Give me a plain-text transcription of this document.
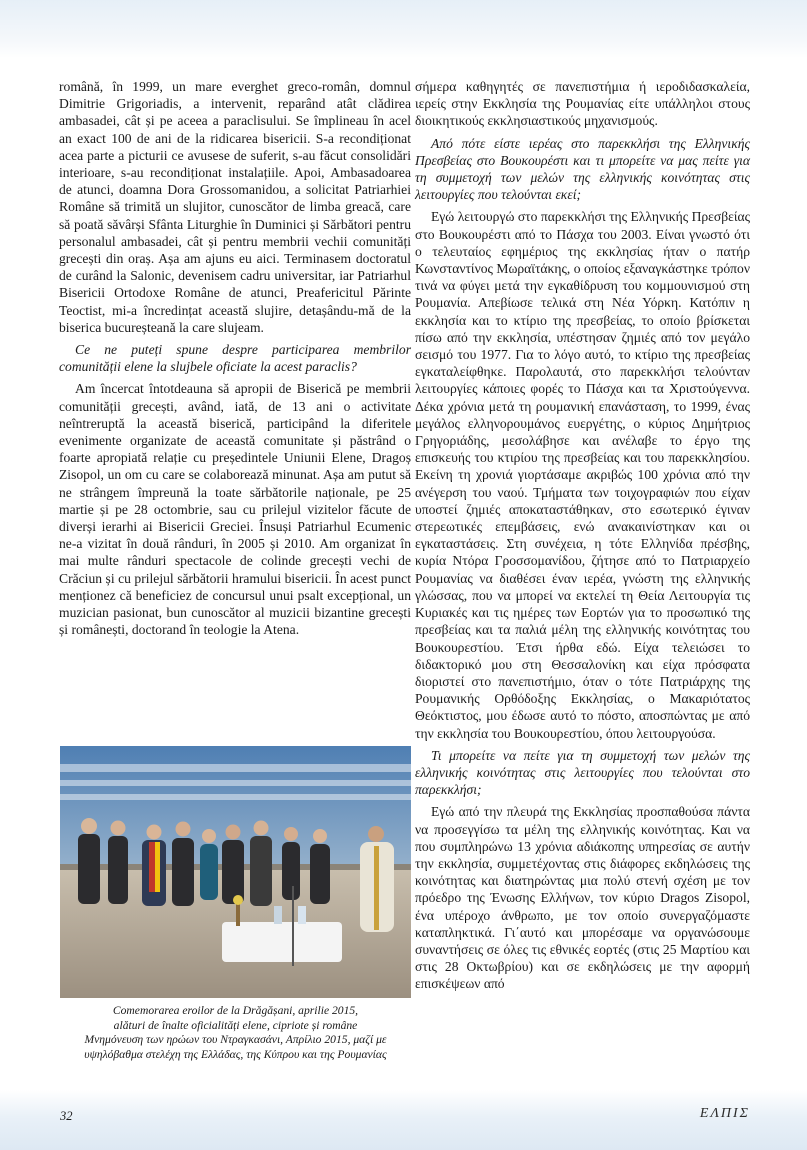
română, în 1999, un mare everghet greco-român, domnul Dimitrie Grigoriadis, a intervenit, reparând atât clădirea ambasadei, cât și pe aceea a paraclisului. Se împlineau în acel an exact 100 de ani de la ridicarea bisericii. S-a recondiționat acea parte a picturii ce avusese de suferit, s-au făcut consolidări interioare, s-au recondiționat instalațiile. Apoi, Ambasadoarea de atunci, doamna Dora Grossomanidou, a solicitat Patriarhiei Române să trimită un slujitor, cunoscător de limba greacă, care să poată săvârși Sfânta Liturghie în Duminici și Sărbători pentru personalul ambasadei, cât și pentru membrii vechii comunități grecești din oraș. Așa am ajuns eu aici. Terminasem doctoratul de curând la Salonic, devenisem cadru universitar, iar Patriarhul Bisericii Ortodoxe Române de atunci, Preafericitul Părinte Teoctist, mi-a încredințat această slujire, detașându-mă de la biserica bucureșteană la care slujeam.

Ce ne puteți spune despre participarea membrilor comunității elene la slujbele oficiate la acest paraclis?

Am încercat întotdeauna să apropii de Biserică pe membrii comunității grecești, având, iată, de 13 ani o activitate neîntreruptă la această biserică, participând la diferitele evenimente organizate de această comunitate și păstrând o foarte apropiată relație cu președintele Uniunii Elene, Dragoș Zisopol, un om cu care se colaborează minunat. Așa am putut să ne strângem împreună la toate sărbătorile naționale, pe 25 martie și pe 28 octombrie, sau cu prilejul vizitelor făcute de diverși ierarhi ai Bisericii Greciei. Însuși Patriarhul Ecumenic ne-a vizitat în două rânduri, în 2005 și 2010. Am organizat în mai multe rânduri spectacole de colinde grecești vechi de Crăciun și cu prilejul sărbătorii hramului bisericii. În acest punct menționez că beneficiez de concursul unui psalt excepțional, un muzician pasionat, bun cunoscător al muzicii bizantine grecești și românești, doctorand în teologie la Atena.

Comemorarea eroilor de la Drăgășani, aprilie 2015,
alături de înalte oficialități elene, cipriote și române
Μνημόνευση των ηρώων του Ντραγκασάνι, Απρίλιο 2015, μαζί με
υψηλόβαθμα στελέχη της Ελλάδας, της Κύπρου και της Ρουμανίας

σήμερα καθηγητές σε πανεπιστήμια ή ιεροδιδασκαλεία, ιερείς στην Εκκλησία της Ρουμανίας είτε υπάλληλοι στους διοικητικούς εκκλησιαστικούς μηχανισμούς.

Από πότε είστε ιερέας στο παρεκκλήσι της Ελληνικής Πρεσβείας στο Βουκουρέστι και τι μπορείτε να μας πείτε για τη συμμετοχή των μελών της ελληνικής κοινότητας στις λειτουργίες που τελούνται εκεί;

Εγώ λειτουργώ στο παρεκκλήσι της Ελληνικής Πρεσβείας στο Βουκουρέστι από το Πάσχα του 2003. Είναι γνωστό ότι ο τελευταίος εφημέριος της εκκλησίας ήταν ο πατήρ Κωνσταντίνος Μωραϊτάκης, ο οποίος εξαναγκάστηκε τρόπον τινά να φύγει μετά την εγκαθίδρυση του κομμουνισμού στη Ρουμανία. Απεβίωσε τελικά στη Νέα Υόρκη. Κατόπιν η εκκλησία και το κτίριο της πρεσβείας, το οποίο βρίσκεται πίσω από την εκκλησία, υπέστησαν ζημιές από τον μεγάλο σεισμό του 1977. Για το λόγο αυτό, το κτίριο της πρεσβείας εγκαταλείφθηκε. Παρολαυτά, στο παρεκκλήσι τελούνταν λειτουργίες κάποιες φορές το Πάσχα και τα Χριστούγεννα. Δέκα χρόνια μετά τη ρουμανική επανάσταση, το 1999, ένας μεγάλος ελληνορουμάνος ευεργέτης, ο κύριος Δημήτριος Γρηγοριάδης, μεσολάβησε και ανέλαβε το έργο της επισκευής του κτιρίου της πρεσβείας και του παρεκκλησίου. Εκείνη τη χρονιά γιορτάσαμε ακριβώς 100 χρόνια από την ανέγερση του ναού. Τμήματα των τοιχογραφιών που είχαν υποστεί ζημιές αποκαταστάθηκαν, στο εσωτερικό έγιναν στερεωτικές επεμβάσεις, ενώ ανακαινίστηκαν και οι εγκαταστάσεις. Στη συνέχεια, η τότε Ελληνίδα πρέσβης, κυρία Ντόρα Γροσσομανίδου, ζήτησε από το Πατριαρχείο Ρουμανίας να διαθέσει έναν ιερέα, γνώστη της ελληνικής γλώσσας, που να μπορεί να εκτελεί τη Θεία Λειτουργία τις Κυριακές και τις ημέρες των Εορτών για το προσωπικό της πρεσβείας και τα παλιά μέλη της ελληνικής κοινότητας του Βουκουρεστίου. Έτσι ήρθα εδώ. Είχα τελειώσει το διδακτορικό μου στη Θεσσαλονίκη και είχα πρόσφατα διοριστεί στο πανεπιστήμιο, όταν ο τότε Πατριάρχης της Ρουμανικής Ορθόδοξης Εκκλησίας, ο Μακαριότατος Θεόκτιστος, μου έδωσε αυτό το πόστο, αποσπώντας με από την εκκλησία του Βουκουρεστίου, όπου λειτουργούσα.

Τι μπορείτε να πείτε για τη συμμετοχή των μελών της ελληνικής κοινότητας στις λειτουργίες που τελούνται στο παρεκκλήσι;

Εγώ από την πλευρά της Εκκλησίας προσπαθούσα πάντα να προσεγγίσω τα μέλη της ελληνικής κοινότητας. Και να που συμπληρώνω 13 χρόνια αδιάκοπης υπηρεσίας σε αυτήν την εκκλησία, συμμετέχοντας στις διάφορες εκδηλώσεις της κοινότητας και διατηρώντας μια πολύ στενή σχέση με τον πρόεδρο της Ένωσης Ελλήνων, τον κύριο Dragos Zisopol, ένα υπέροχο άνθρωπο, με τον οποίο συνεργαζόμαστε καταπληκτικά. Γι΄αυτό και μπορέσαμε να οργανώσουμε συναντήσεις σε όλες τις εθνικές εορτές (στις 25 Μαρτίου και στις 28 Οκτωβρίου) και σε εκδηλώσεις με την αφορμή επισκέψεων από

32	ΕΛΠΙΣ
